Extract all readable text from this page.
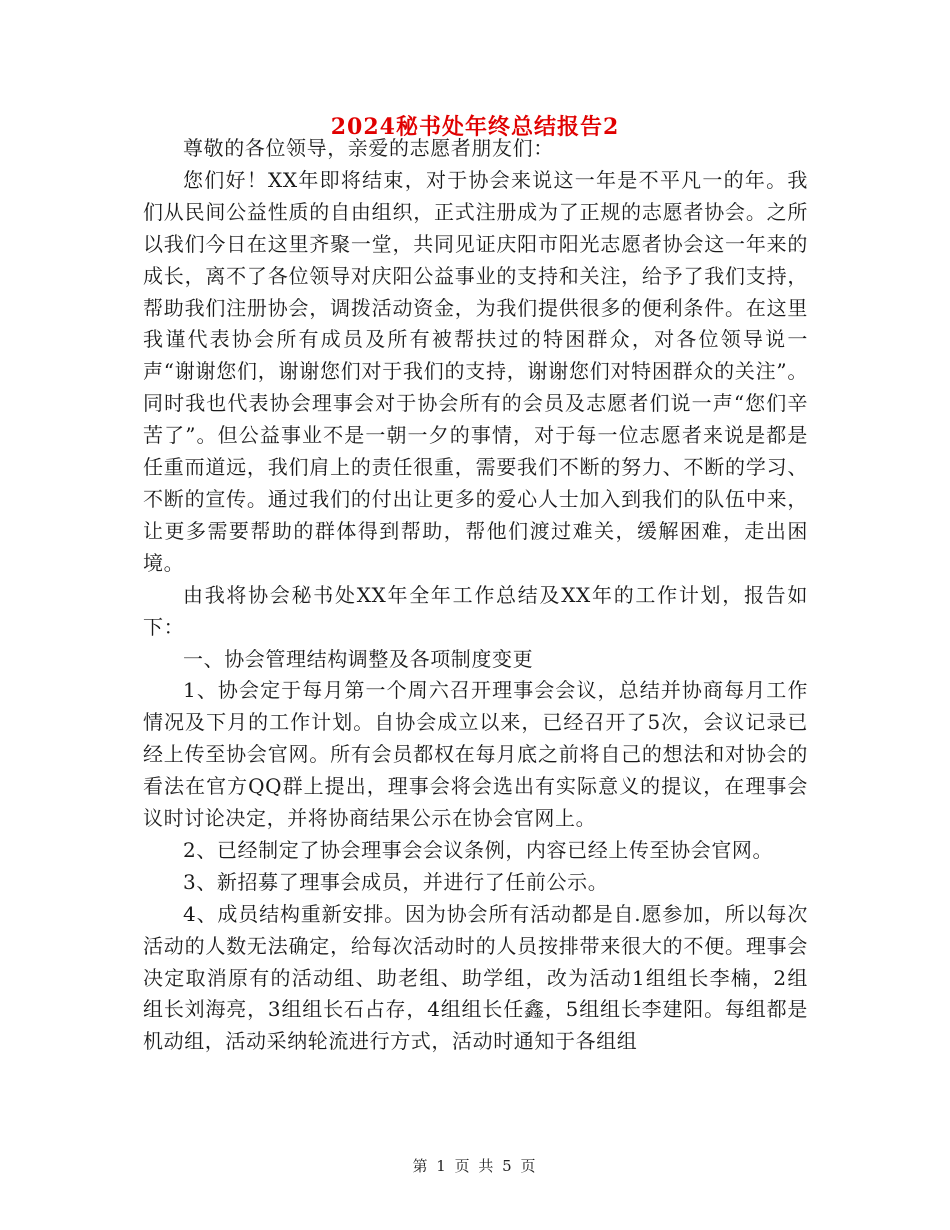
2024秘书处年终总结报告2

尊敬的各位领导，亲爱的志愿者朋友们：

您们好！XX年即将结束，对于协会来说这一年是不平凡一的年。我们从民间公益性质的自由组织，正式注册成为了正规的志愿者协会。之所以我们今日在这里齐聚一堂，共同见证庆阳市阳光志愿者协会这一年来的成长，离不了各位领导对庆阳公益事业的支持和关注，给予了我们支持，帮助我们注册协会，调拨活动资金，为我们提供很多的便利条件。在这里我谨代表协会所有成员及所有被帮扶过的特困群众，对各位领导说一声“谢谢您们，谢谢您们对于我们的支持，谢谢您们对特困群众的关注”。同时我也代表协会理事会对于协会所有的会员及志愿者们说一声“您们辛苦了”。但公益事业不是一朝一夕的事情，对于每一位志愿者来说是都是任重而道远，我们肩上的责任很重，需要我们不断的努力、不断的学习、不断的宣传。通过我们的付出让更多的爱心人士加入到我们的队伍中来，让更多需要帮助的群体得到帮助，帮他们渡过难关，缓解困难，走出困境。

由我将协会秘书处XX年全年工作总结及XX年的工作计划，报告如下：

一、协会管理结构调整及各项制度变更

1、协会定于每月第一个周六召开理事会会议，总结并协商每月工作情况及下月的工作计划。自协会成立以来，已经召开了5次，会议记录已经上传至协会官网。所有会员都权在每月底之前将自己的想法和对协会的看法在官方QQ群上提出，理事会将会选出有实际意义的提议，在理事会议时讨论决定，并将协商结果公示在协会官网上。

2、已经制定了协会理事会会议条例，内容已经上传至协会官网。

3、新招募了理事会成员，并进行了任前公示。

4、成员结构重新安排。因为协会所有活动都是自.愿参加，所以每次活动的人数无法确定，给每次活动时的人员按排带来很大的不便。理事会决定取消原有的活动组、助老组、助学组，改为活动1组组长李楠，2组组长刘海亮，3组组长石占存，4组组长任鑫，5组组长李建阳。每组都是机动组，活动采纳轮流进行方式，活动时通知于各组组

第 1 页 共 5 页
